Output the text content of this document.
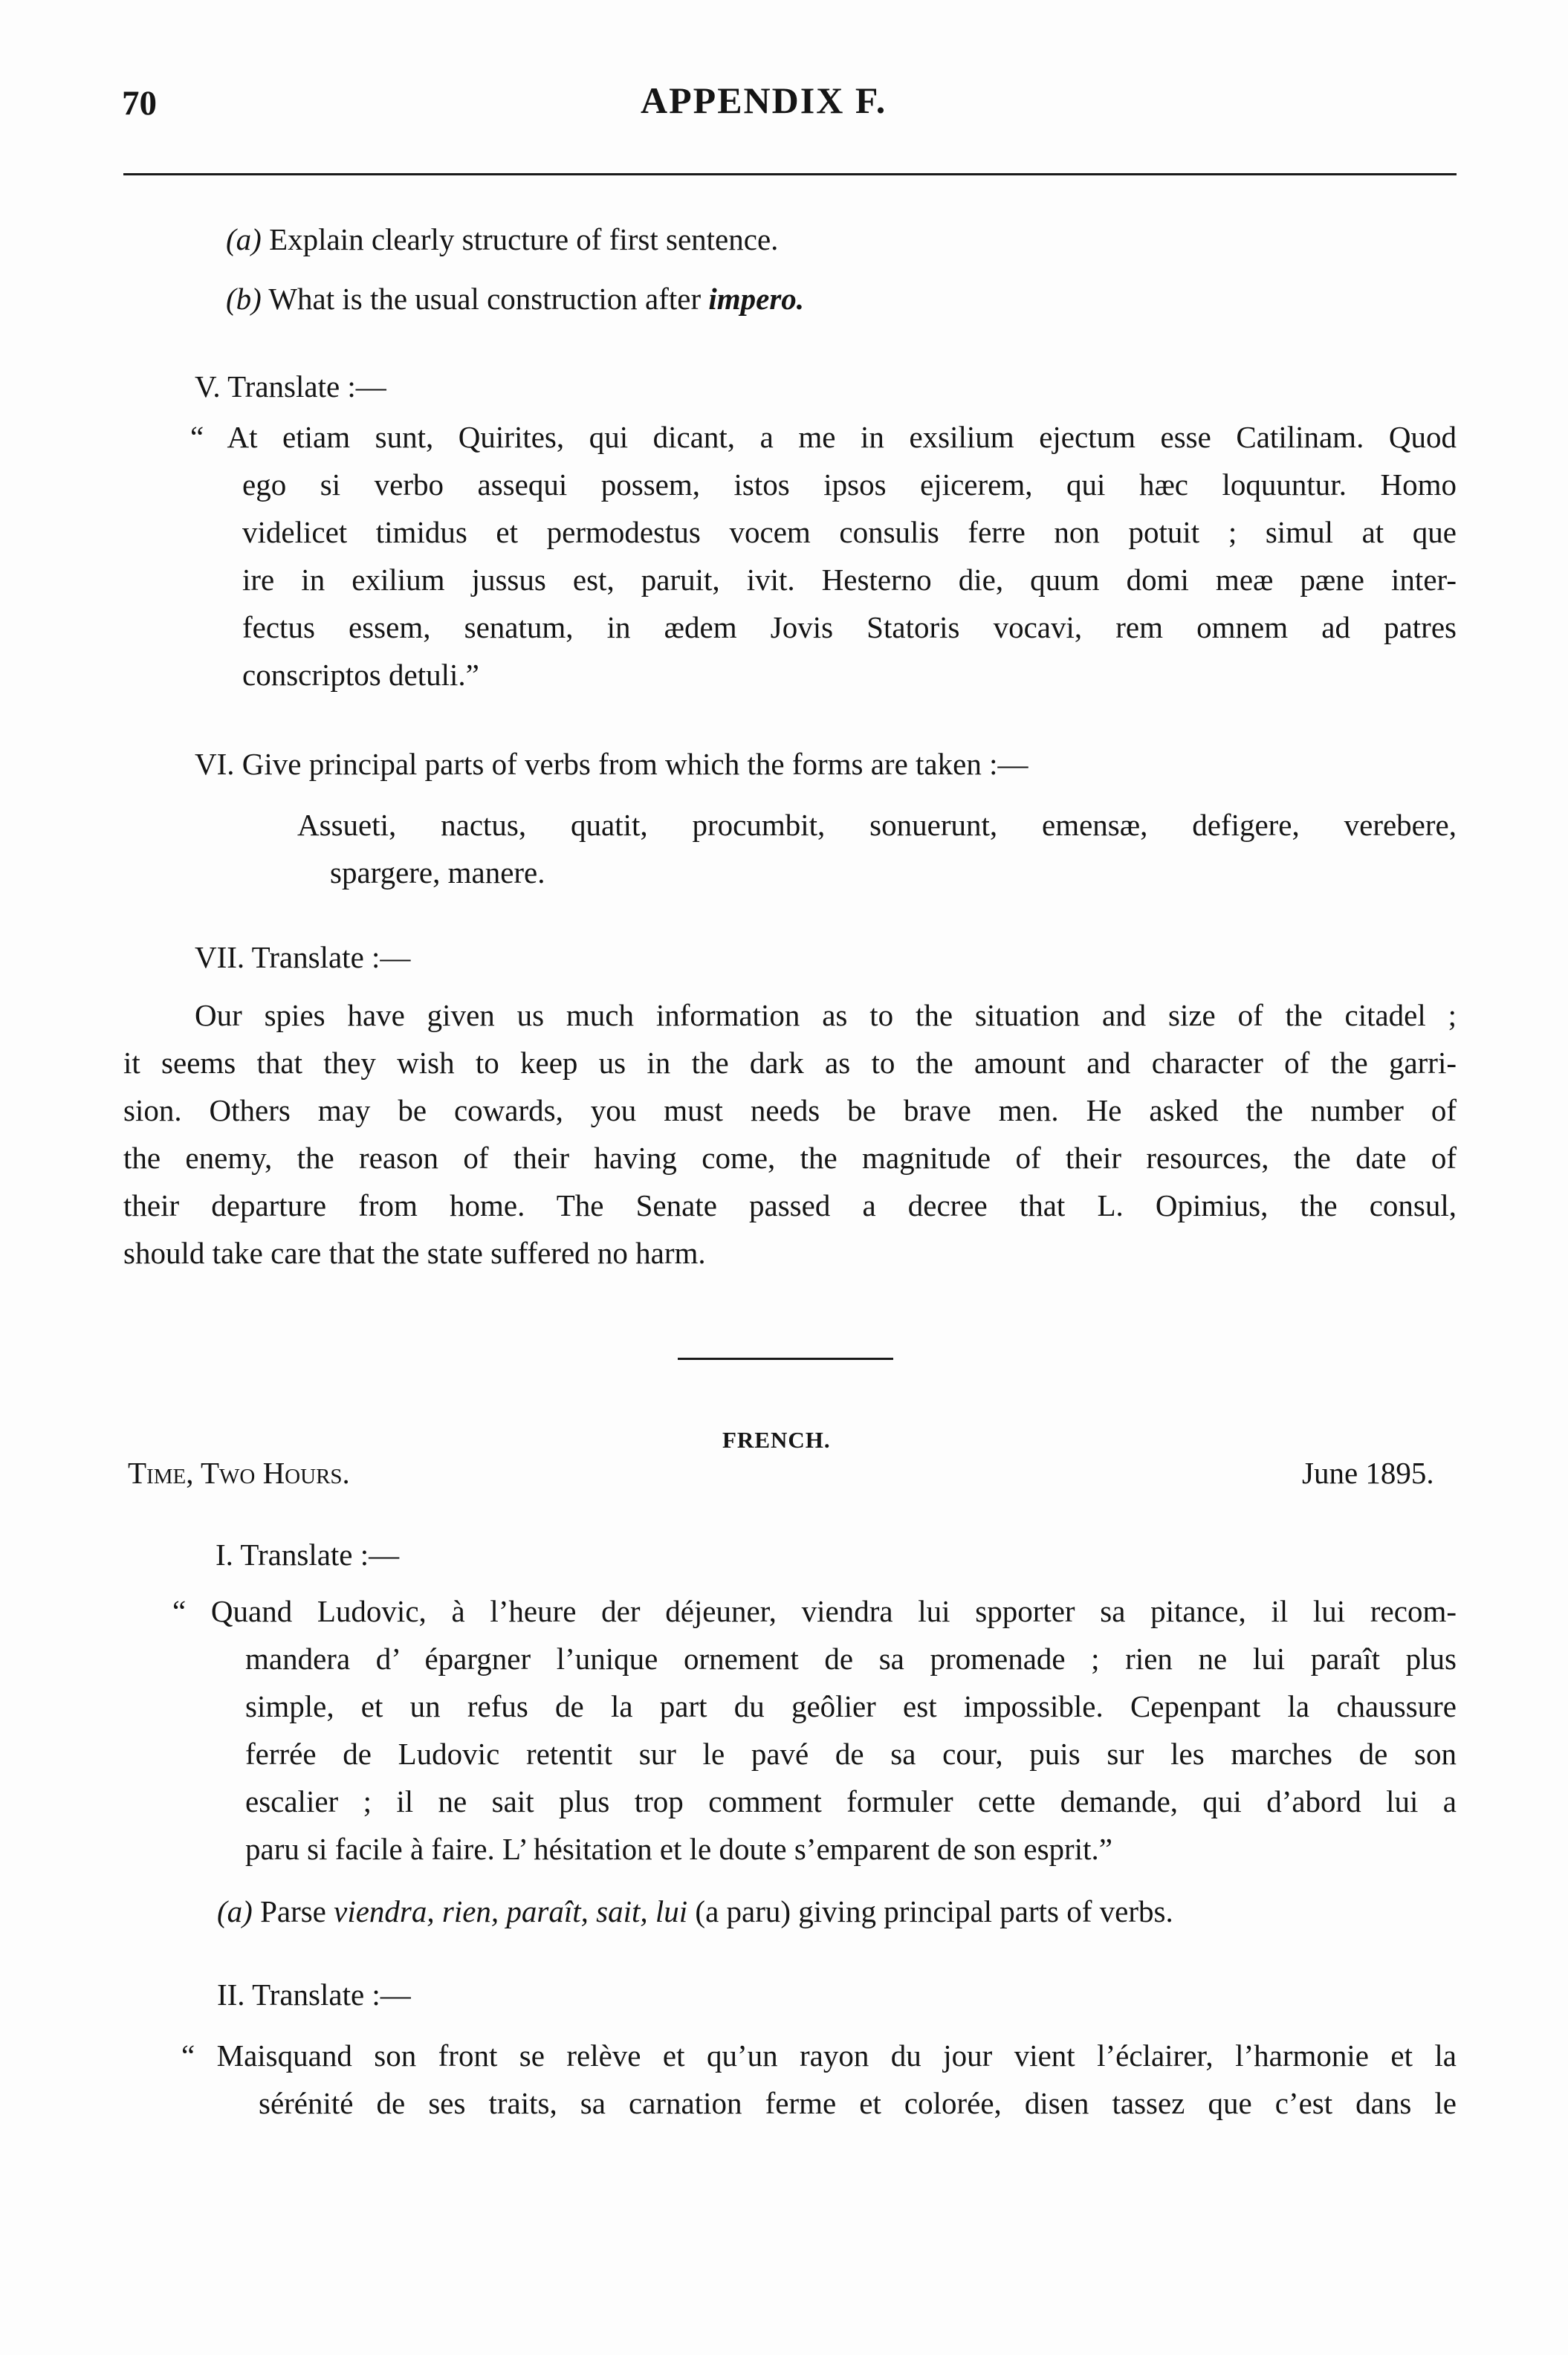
70	APPENDIX F.
(a) Explain clearly structure of first sentence.
(b) What is the usual construction after impero.
V. Translate :—
“ At etiam sunt, Quirites, qui dicant, a me in exsilium ejectum esse Catilinam. Quod
ego si verbo assequi possem, istos ipsos ejicerem, qui hæc loquuntur. Homo
videlicet timidus et permodestus vocem consulis ferre non potuit ; simul at que
ire in exilium jussus est, paruit, ivit. Hesterno die, quum domi meæ pæne inter-
fectus essem, senatum, in ædem Jovis Statoris vocavi, rem omnem ad patres
conscriptos detuli.”
VI. Give principal parts of verbs from which the forms are taken :—
Assueti, nactus, quatit, procumbit, sonuerunt, emensæ, defigere, verebere,
spargere, manere.
VII. Translate :—
Our spies have given us much information as to the situation and size of the citadel ;
it seems that they wish to keep us in the dark as to the amount and character of the garri-
sion. Others may be cowards, you must needs be brave men. He asked the number of
the enemy, the reason of their having come, the magnitude of their resources, the date of
their departure from home. The Senate passed a decree that L. Opimius, the consul,
should take care that the state suffered no harm.
FRENCH.
Time, Two Hours.	June 1895.
I. Translate :—
“ Quand Ludovic, à l’heure der déjeuner, viendra lui spporter sa pitance, il lui recom-
mandera d’ épargner l’unique ornement de sa promenade ; rien ne lui paraît plus
simple, et un refus de la part du geôlier est impossible. Cepenpant la chaussure
ferrée de Ludovic retentit sur le pavé de sa cour, puis sur les marches de son
escalier ; il ne sait plus trop comment formuler cette demande, qui d’abord lui a
paru si facile à faire. L’ hésitation et le doute s’emparent de son esprit.”
(a) Parse viendra, rien, paraît, sait, lui (a paru) giving principal parts of verbs.
II. Translate :—
“ Maisquand son front se relève et qu’un rayon du jour vient l’éclairer, l’harmonie et la
sérénité de ses traits, sa carnation ferme et colorée, disen tassez que c’est dans le
